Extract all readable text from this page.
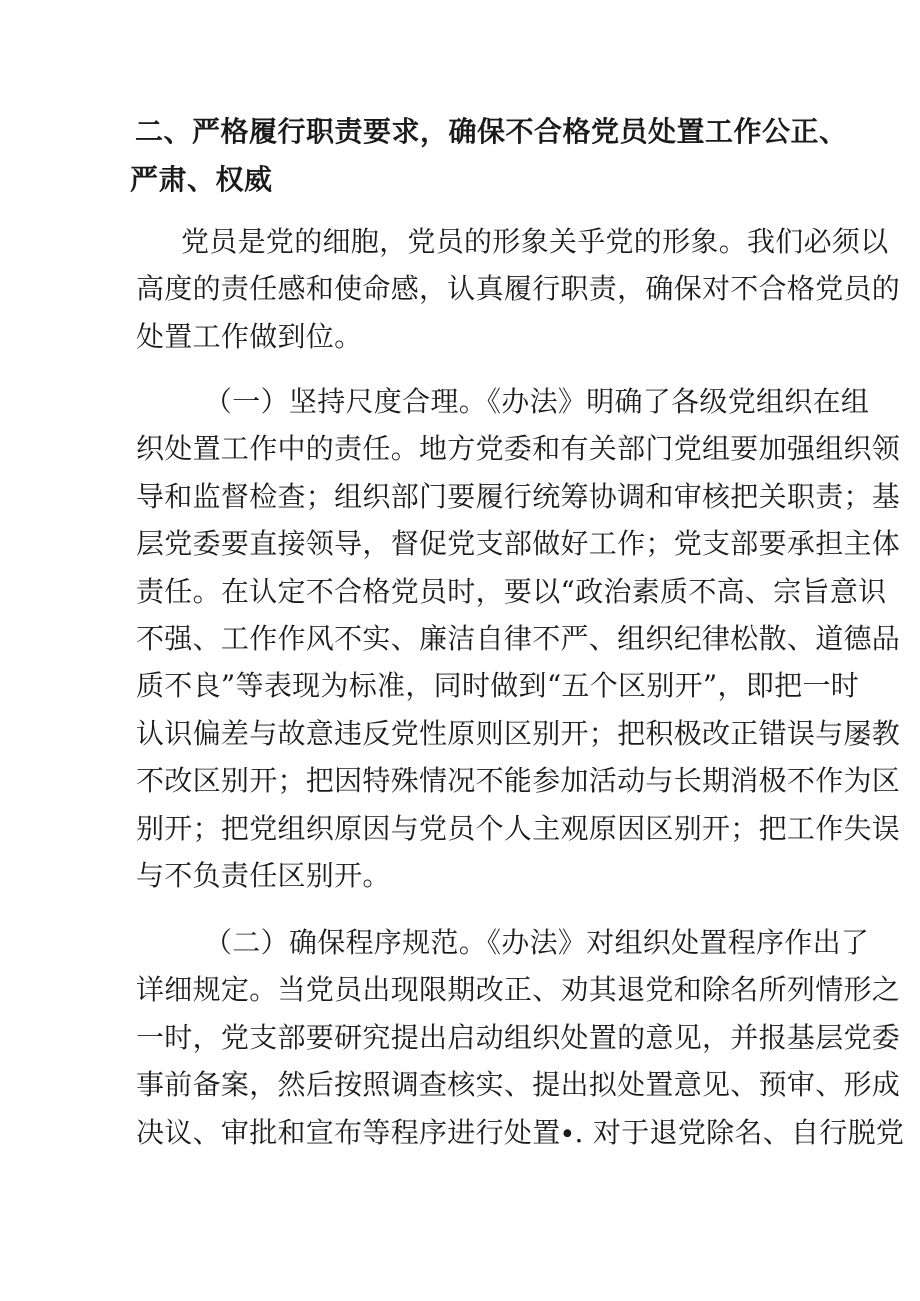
二、严格履行职责要求，确保不合格党员处置工作公正、
严肃、权威
党员是党的细胞，党员的形象关乎党的形象。我们必须以
高度的责任感和使命感，认真履行职责，确保对不合格党员的
处置工作做到位。
（一）坚持尺度合理。《办法》明确了各级党组织在组
织处置工作中的责任。地方党委和有关部门党组要加强组织领
导和监督检查；组织部门要履行统筹协调和审核把关职责；基
层党委要直接领导，督促党支部做好工作；党支部要承担主体
责任。在认定不合格党员时，要以“政治素质不高、宗旨意识
不强、工作作风不实、廉洁自律不严、组织纪律松散、道德品
质不良”等表现为标准，同时做到“五个区别开”，即把一时
认识偏差与故意违反党性原则区别开；把积极改正错误与屡教
不改区别开；把因特殊情况不能参加活动与长期消极不作为区
别开；把党组织原因与党员个人主观原因区别开；把工作失误
与不负责任区别开。
（二）确保程序规范。《办法》对组织处置程序作出了
详细规定。当党员出现限期改正、劝其退党和除名所列情形之
一时，党支部要研究提出启动组织处置的意见，并报基层党委
事前备案，然后按照调查核实、提出拟处置意见、预审、形成
决议、审批和宣布等程序进行处置∙. 对于退党除名、自行脱党
